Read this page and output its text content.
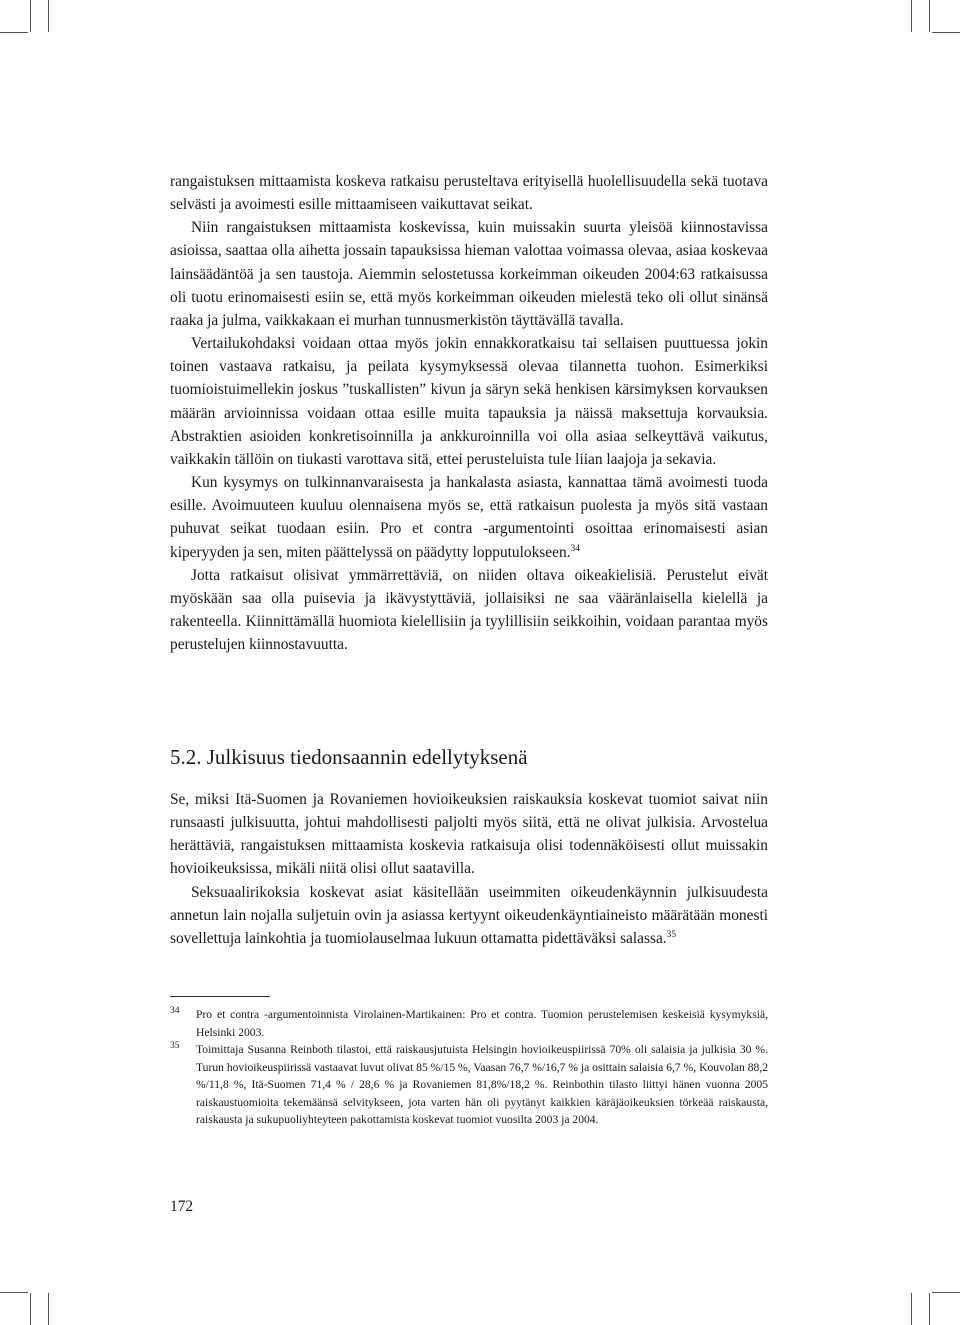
rangaistuksen mittaamista koskeva ratkaisu perusteltava erityisellä huolellisuudella sekä tuotava selvästi ja avoimesti esille mittaamiseen vaikuttavat seikat.

Niin rangaistuksen mittaamista koskevissa, kuin muissakin suurta yleisöä kiinnostavissa asioissa, saattaa olla aihetta jossain tapauksissa hieman valottaa voimassa olevaa, asiaa koskevaa lainsäädäntöä ja sen taustoja. Aiemmin selostetussa korkeimman oikeuden 2004:63 ratkaisussa oli tuotu erinomaisesti esiin se, että myös korkeimman oikeuden mielestä teko oli ollut sinänsä raaka ja julma, vaikkakaan ei murhan tunnusmerkistön täyttävällä tavalla.

Vertailukohdaksi voidaan ottaa myös jokin ennakkoratkaisu tai sellaisen puuttuessa jokin toinen vastaava ratkaisu, ja peilata kysymyksessä olevaa tilannetta tuohon. Esimerkiksi tuomioistuimellekin joskus ”tuskallisten” kivun ja säryn sekä henkisen kärsimyksen korvauksen määrän arvioinnissa voidaan ottaa esille muita tapauksia ja näissä maksettuja korvauksia. Abstraktien asioiden konkretisoinnilla ja ankkuroinnilla voi olla asiaa selkeyttävä vaikutus, vaikkakin tällöin on tiukasti varottava sitä, ettei perusteluista tule liian laajoja ja sekavia.

Kun kysymys on tulkinnanvaraisesta ja hankalasta asiasta, kannattaa tämä avoimesti tuoda esille. Avoimuuteen kuuluu olennaisena myös se, että ratkaisun puolesta ja myös sitä vastaan puhuvat seikat tuodaan esiin. Pro et contra -argumentointi osoittaa erinomaisesti asian kiperyyden ja sen, miten päättelyssä on päädytty lopputulokseen.$^{34}$

Jotta ratkaisut olisivat ymmärrettäviä, on niiden oltava oikeakielisiä. Perustelut eivät myöskään saa olla puisevia ja ikävystyttäviä, jollaisiksi ne saa vääränlaisella kielellä ja rakenteella. Kiinnittämällä huomiota kielellisiin ja tyylillisiin seikkoihin, voidaan parantaa myös perustelujen kiinnostavuutta.

5.2. Julkisuus tiedonsaannin edellytyksenä

Se, miksi Itä-Suomen ja Rovaniemen hovioikeuksien raiskauksia koskevat tuomiot saivat niin runsaasti julkisuutta, johtui mahdollisesti paljolti myös siitä, että ne olivat julkisia. Arvostelua herättäviä, rangaistuksen mittaamista koskevia ratkaisuja olisi todennäköisesti ollut muissakin hovioikeuksissa, mikäli niitä olisi ollut saatavilla.

Seksuaalirikoksia koskevat asiat käsitellään useimmiten oikeudenkäynnin julkisuudesta annetun lain nojalla suljetuin ovin ja asiassa kertyynt oikeudenkäyntiaineisto määrätään monesti sovellettuja lainkohtia ja tuomiolauselmaa lukuun ottamatta pidettäväksi salassa.$^{35}$

34	Pro et contra -argumentoinnista Virolainen-Martikainen: Pro et contra. Tuomion perustelemisen keskeisiä kysymyksiä, Helsinki 2003.
35	Toimittaja Susanna Reinboth tilastoi, että raiskausjutuista Helsingin hovioikeuspiirissä 70% oli salaisia ja julkisia 30 %. Turun hovioikeuspiirissä vastaavat luvut olivat 85 %/15 %, Vaasan 76,7 %/16,7 % ja osittain salaisia 6,7 %, Kouvolan 88,2 %/11,8 %, Itä-Suomen 71,4 % / 28,6 % ja Rovaniemen 81,8%/18,2 %. Reinbothin tilasto liittyi hänen vuonna 2005 raiskaustuomioita tekemäänsä selvitykseen, jota varten hän oli pyytänyt kaikkien käräjäoikeuksien törkeää raiskausta, raiskausta ja sukupuoliyhteyteen pakottamista koskevat tuomiot vuosilta 2003 ja 2004.
172
